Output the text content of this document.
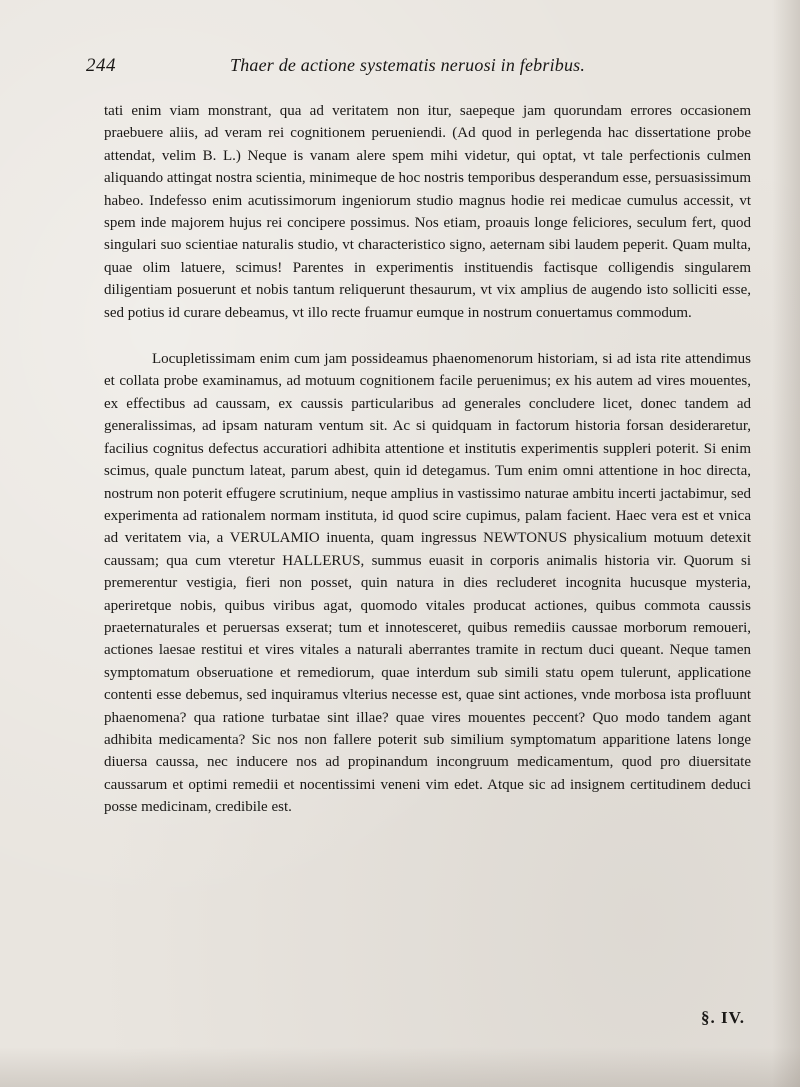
244	Thaer de actione systematis neruosi in febribus.

tati enim viam monstrant, qua ad veritatem non itur, saepeque jam quorundam errores occasionem praebuere aliis, ad veram rei cognitionem perueniendi. (Ad quod in perlegenda hac dissertatione probe attendat, velim B. L.) Neque is vanam alere spem mihi videtur, qui optat, vt tale perfectionis culmen aliquando attingat nostra scientia, minimeque de hoc nostris temporibus desperandum esse, persuasissimum habeo. Indefesso enim acutissimorum ingeniorum studio magnus hodie rei medicae cumulus accessit, vt spem inde majorem hujus rei concipere possimus. Nos etiam, proauis longe feliciores, seculum fert, quod singulari suo scientiae naturalis studio, vt characteristico signo, aeternam sibi laudem peperit. Quam multa, quae olim latuere, scimus! Parentes in experimentis instituendis factisque colligendis singularem diligentiam posuerunt et nobis tantum reliquerunt thesaurum, vt vix amplius de augendo isto solliciti esse, sed potius id curare debeamus, vt illo recte fruamur eumque in nostrum conuertamus commodum.

Locupletissimam enim cum jam possideamus phaenomenorum historiam, si ad ista rite attendimus et collata probe examinamus, ad motuum cognitionem facile peruenimus; ex his autem ad vires mouentes, ex effectibus ad caussam, ex caussis particularibus ad generales concludere licet, donec tandem ad generalissimas, ad ipsam naturam ventum sit. Ac si quidquam in factorum historia forsan desideraretur, facilius cognitus defectus accuratiori adhibita attentione et institutis experimentis suppleri poterit. Si enim scimus, quale punctum lateat, parum abest, quin id detegamus. Tum enim omni attentione in hoc directa, nostrum non poterit effugere scrutinium, neque amplius in vastissimo naturae ambitu incerti jactabimur, sed experimenta ad rationalem normam instituta, id quod scire cupimus, palam facient. Haec vera est et vnica ad veritatem via, a VERULAMIO inuenta, quam ingressus NEWTONUS physicalium motuum detexit caussam; qua cum vteretur HALLERUS, summus euasit in corporis animalis historia vir. Quorum si premerentur vestigia, fieri non posset, quin natura in dies recluderet incognita hucusque mysteria, aperiretque nobis, quibus viribus agat, quomodo vitales producat actiones, quibus commota caussis praeternaturales et peruersas exserat; tum et innotesceret, quibus remediis caussae morborum remoueri, actiones laesae restitui et vires vitales a naturali aberrantes tramite in rectum duci queant. Neque tamen symptomatum obseruatione et remediorum, quae interdum sub simili statu opem tulerunt, applicatione contenti esse debemus, sed inquiramus vlterius necesse est, quae sint actiones, vnde morbosa ista profluunt phaenomena? qua ratione turbatae sint illae? quae vires mouentes peccent? Quo modo tandem agant adhibita medicamenta? Sic nos non fallere poterit sub similium symptomatum apparitione latens longe diuersa caussa, nec inducere nos ad propinandum incongruum medicamentum, quod pro diuersitate caussarum et optimi remedii et nocentissimi veneni vim edet. Atque sic ad insignem certitudinem deduci posse medicinam, credibile est.

§. IV.
